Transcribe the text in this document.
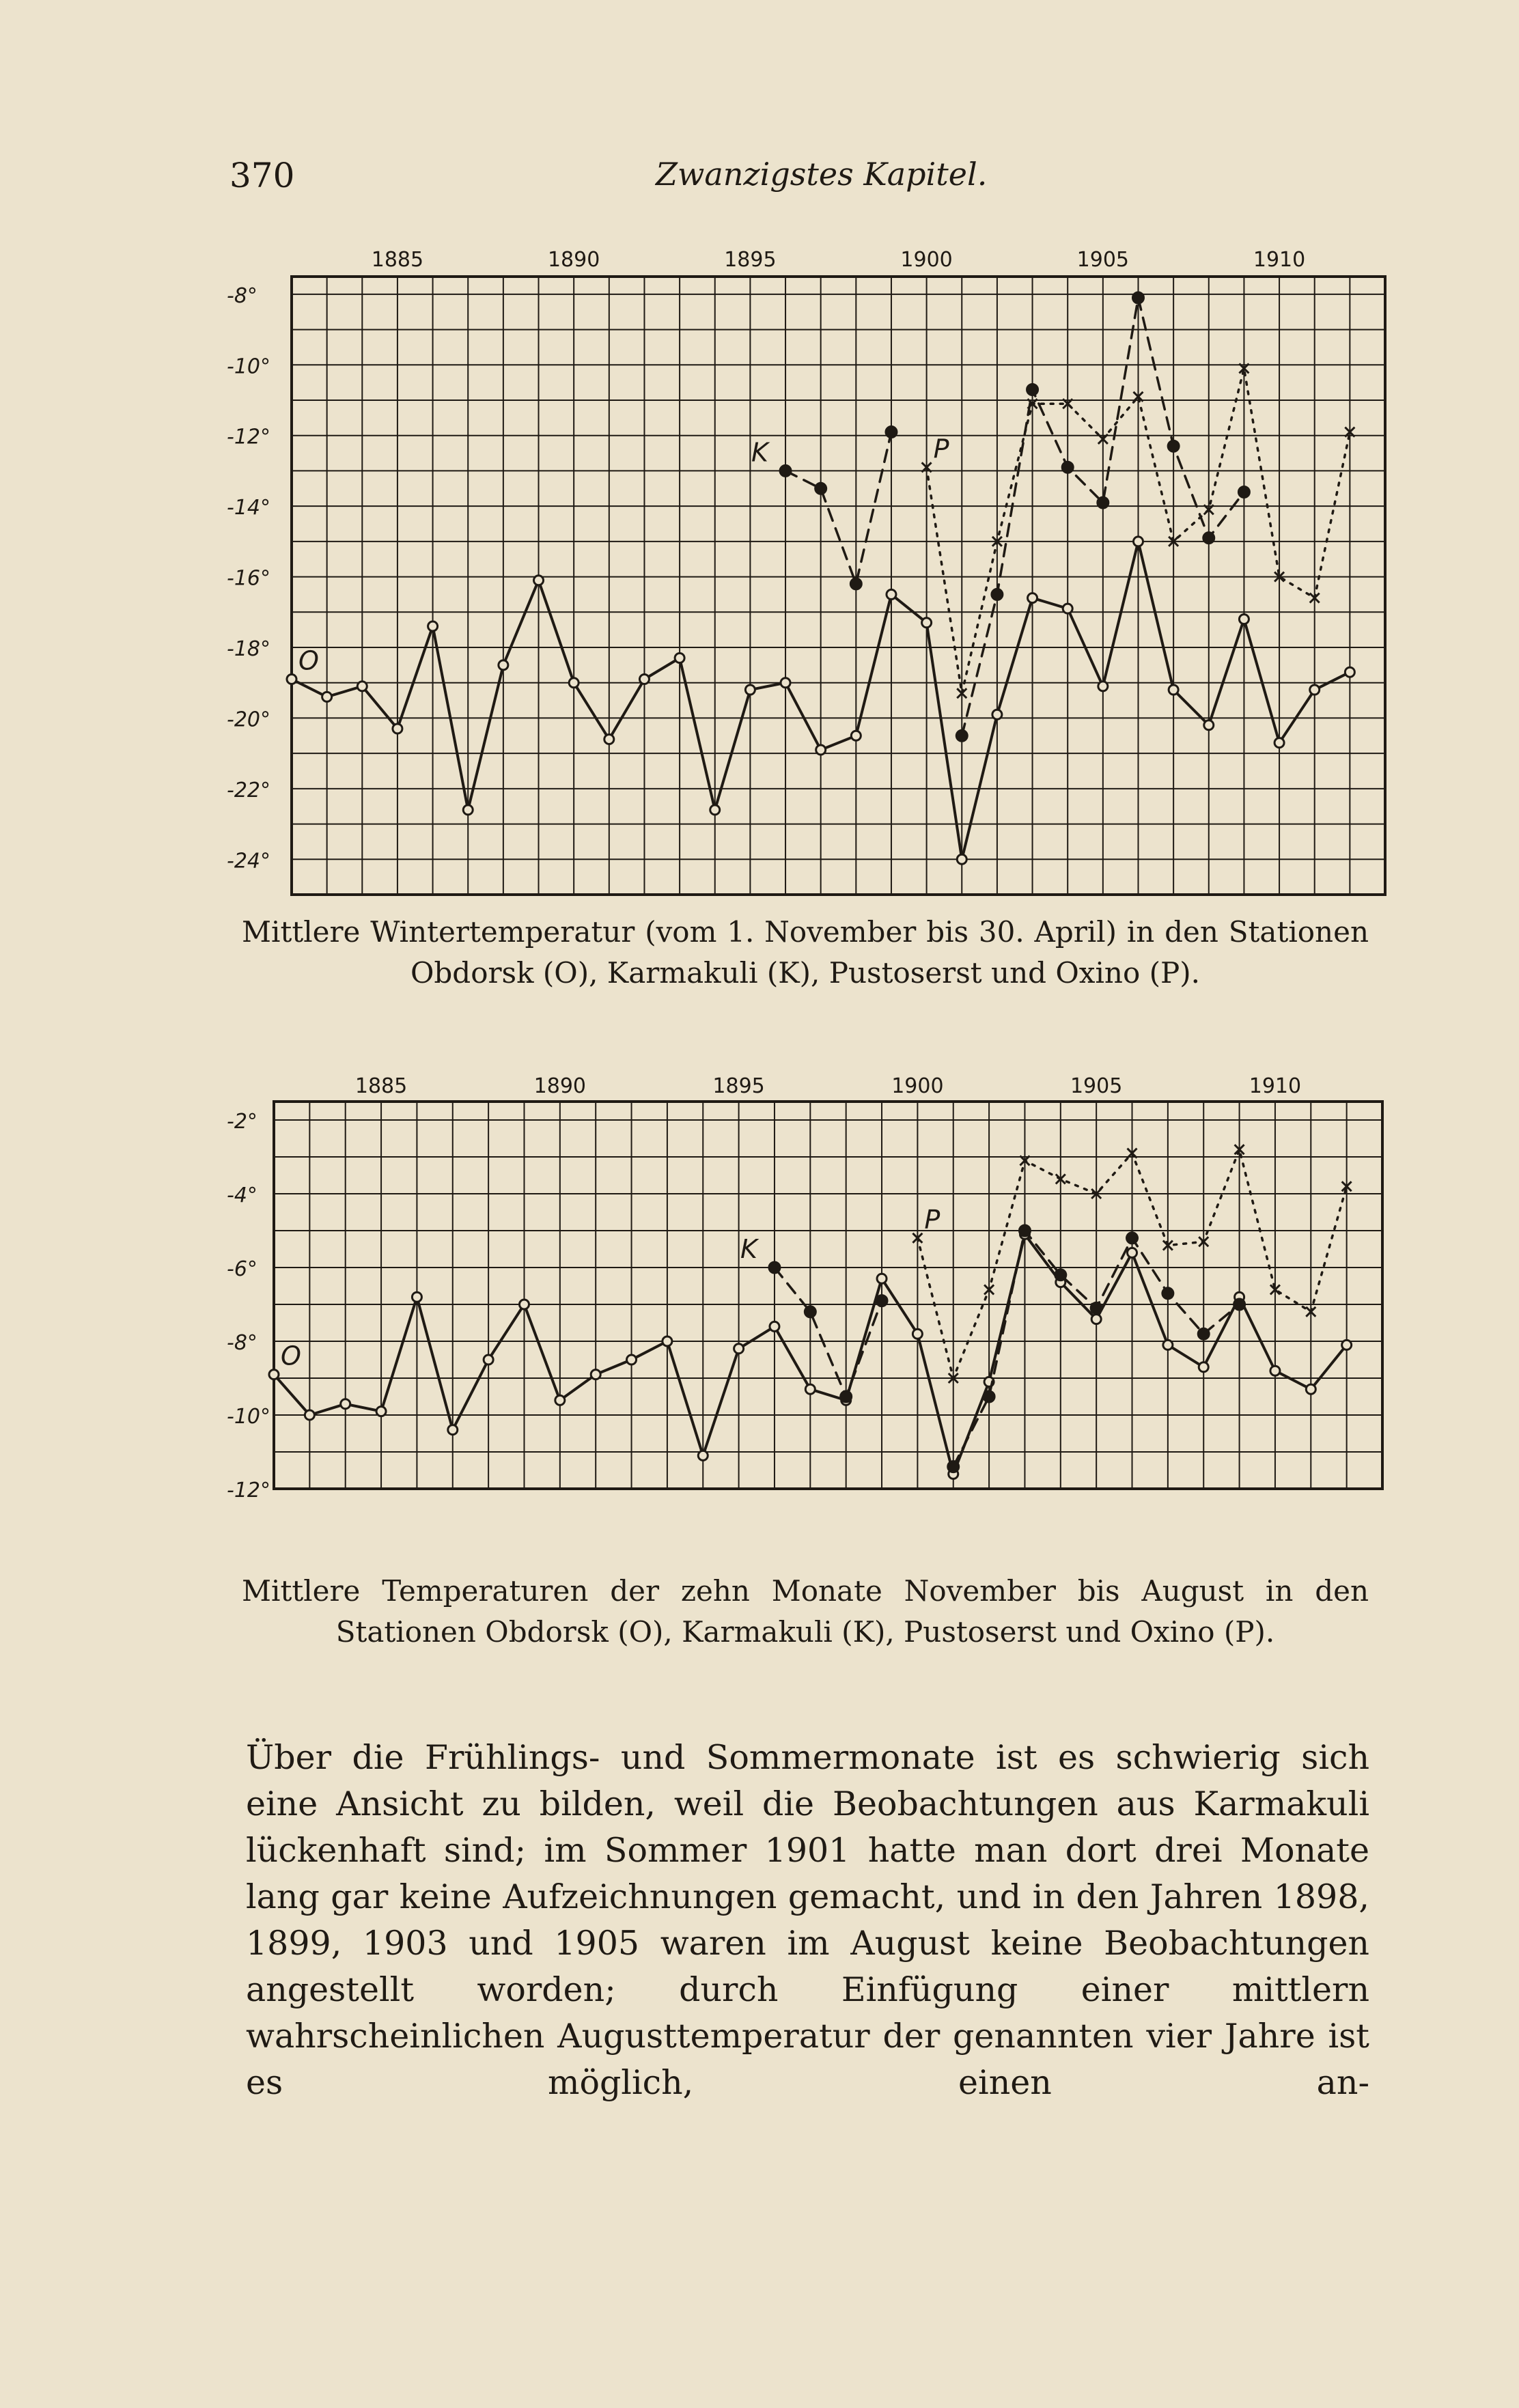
370	Zwanzigstes Kapitel.
-8°
-10°
-12°
-14°
-16°
-18°
-20°
-22°
-24°
1885	1890	1895	1900	1905	1910
O
K	P
Mittlere Wintertemperatur (vom 1. November bis 30. April) in den Stationen Obdorsk (O), Karmakuli (K), Pustoserst und Oxino (P).
-2°
-4°
-6°
-8°
-10°
-12°
1885	1890	1895	1900	1905	1910
O
K
P
Mittlere Temperaturen der zehn Monate November bis August in den Stationen Obdorsk (O), Karmakuli (K), Pustoserst und Oxino (P).
Über die Frühlings- und Sommermonate ist es schwierig sich eine Ansicht zu bilden, weil die Beobachtungen aus Karmakuli lückenhaft sind; im Sommer 1901 hatte man dort drei Monate lang gar keine Aufzeichnungen gemacht, und in den Jahren 1898, 1899, 1903 und 1905 waren im August keine Beobachtungen angestellt worden; durch Einfügung einer mittlern wahrscheinlichen Augusttemperatur der genannten vier Jahre ist es möglich, einen an-
